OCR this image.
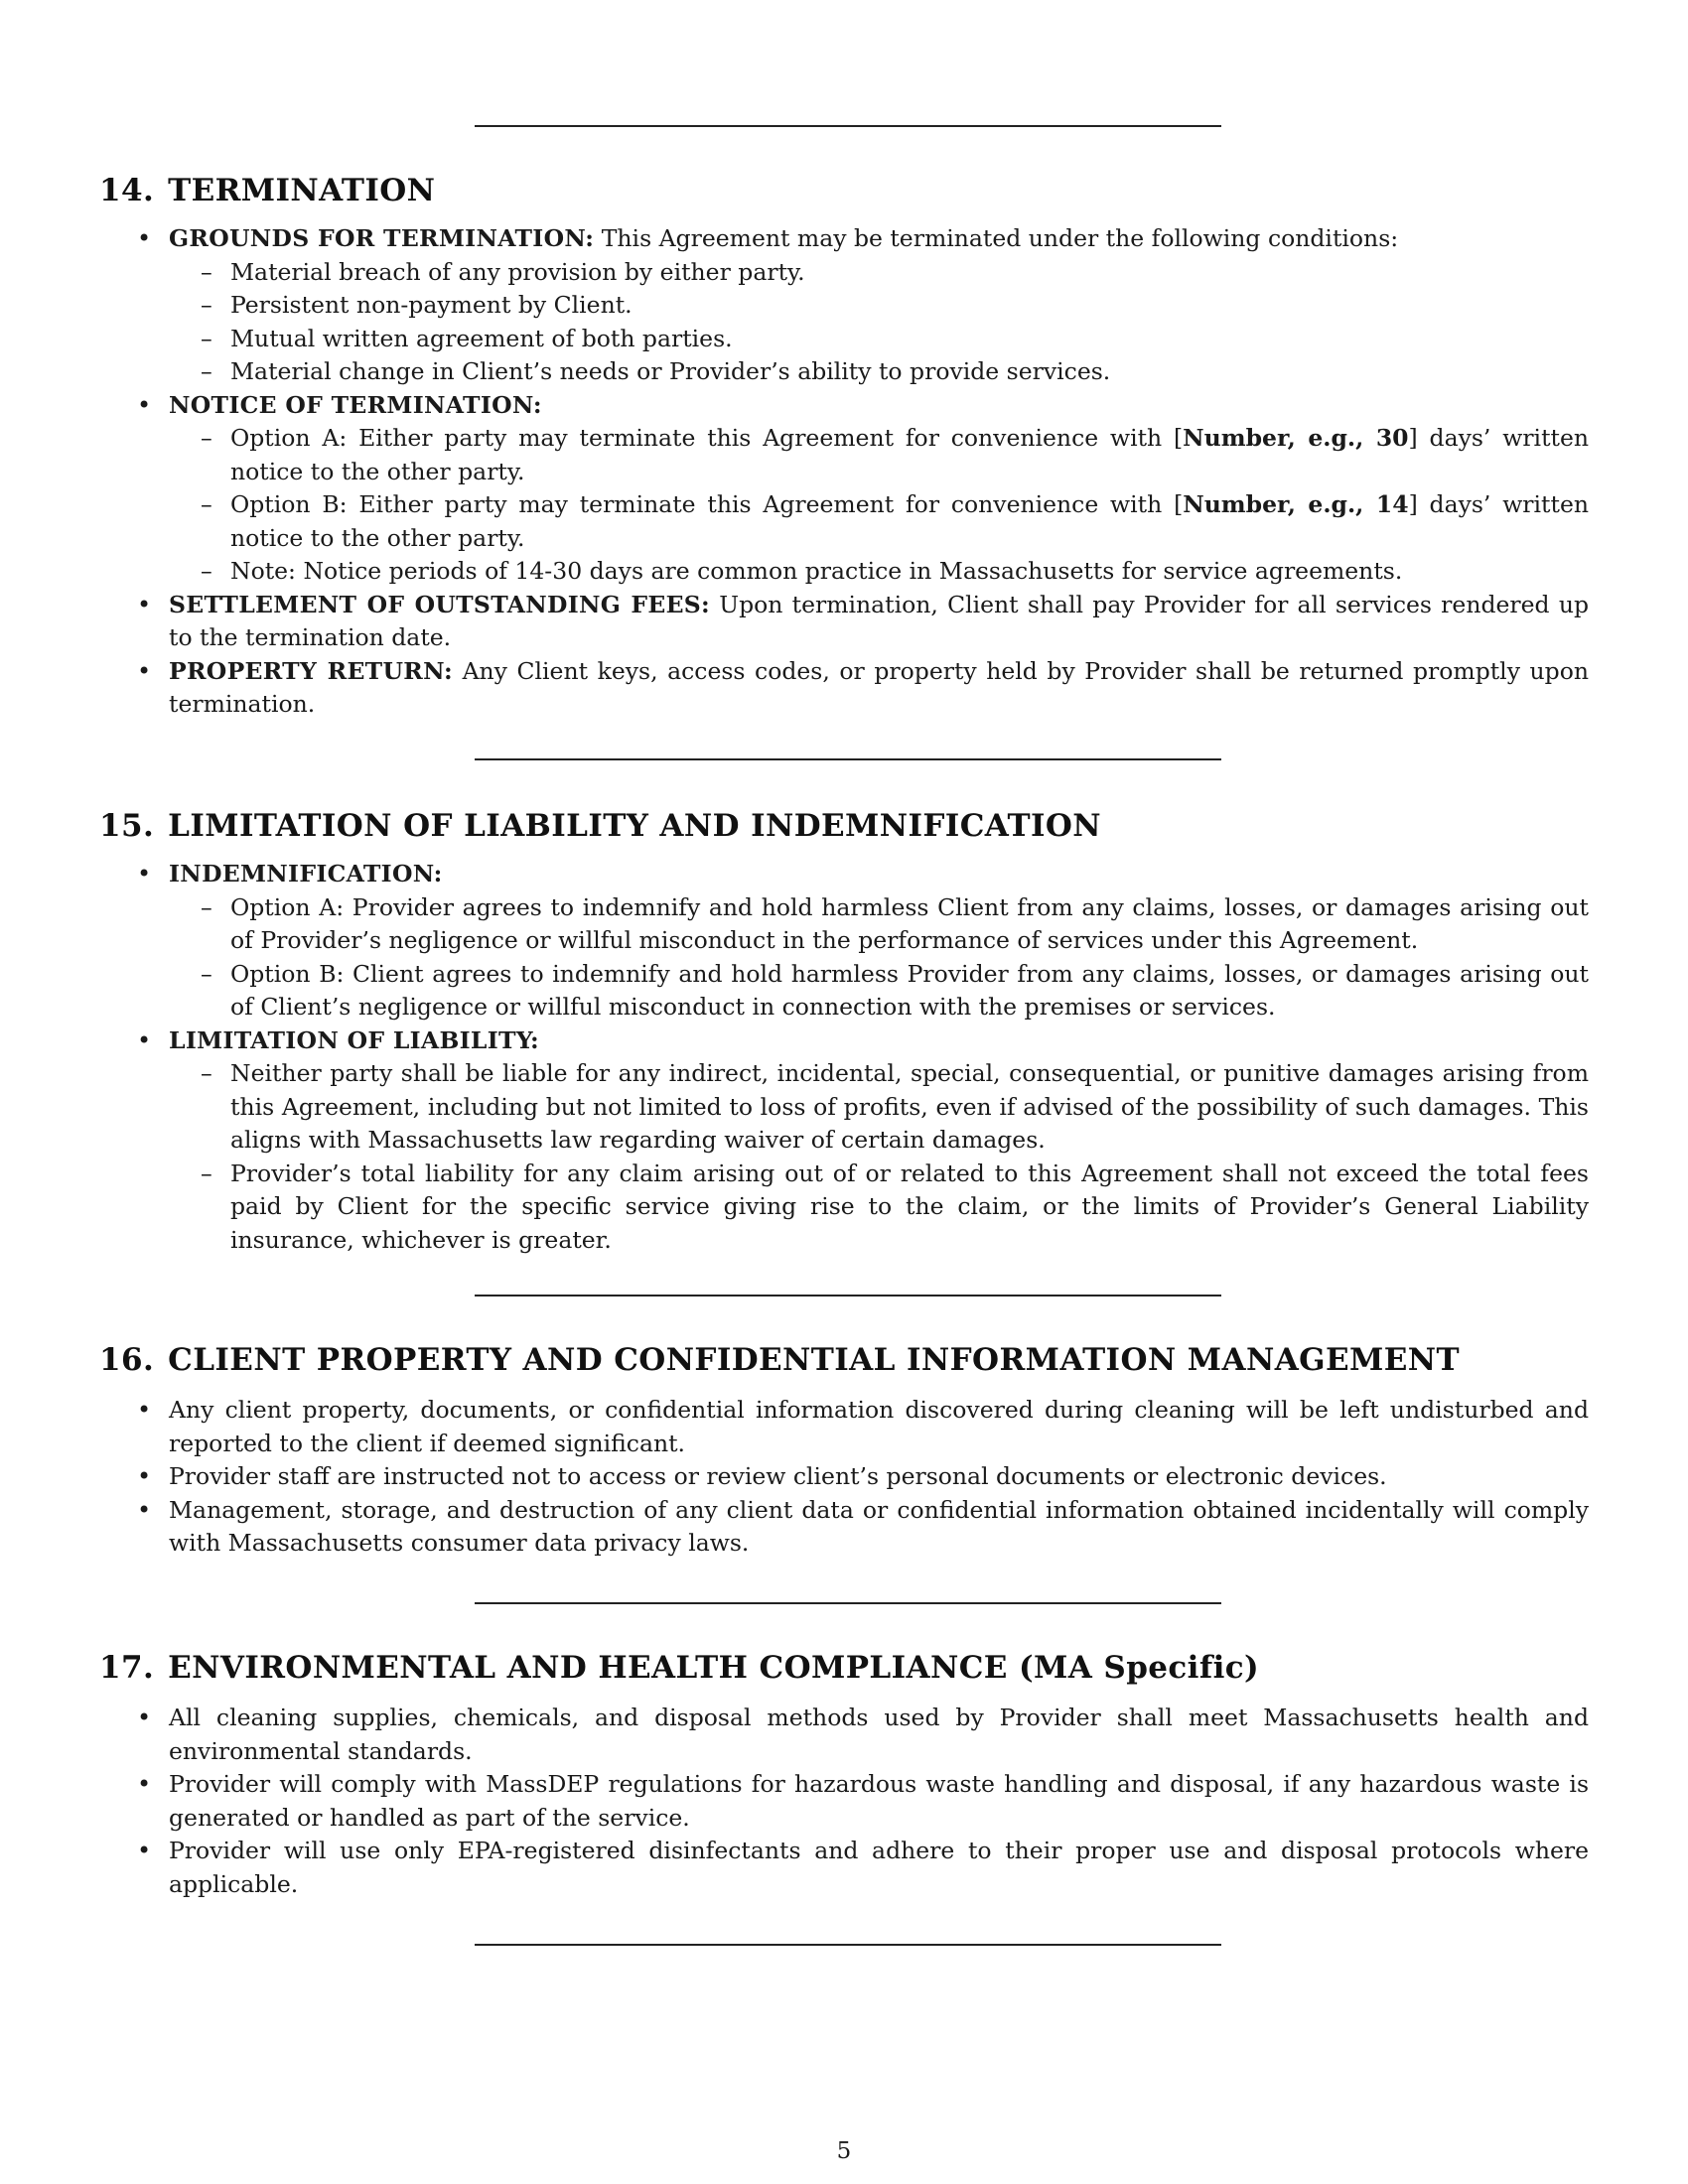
14. TERMINATION
• GROUNDS FOR TERMINATION: This Agreement may be terminated under the following conditions:
– Material breach of any provision by either party.
– Persistent non-payment by Client.
– Mutual written agreement of both parties.
– Material change in Client’s needs or Provider’s ability to provide services.
• NOTICE OF TERMINATION:
– Option A: Either party may terminate this Agreement for convenience with [Number, e.g., 30] days’ written notice to the other party.
– Option B: Either party may terminate this Agreement for convenience with [Number, e.g., 14] days’ written notice to the other party.
– Note: Notice periods of 14-30 days are common practice in Massachusetts for service agreements.
• SETTLEMENT OF OUTSTANDING FEES: Upon termination, Client shall pay Provider for all services rendered up to the termination date.
• PROPERTY RETURN: Any Client keys, access codes, or property held by Provider shall be returned promptly upon termination.
15. LIMITATION OF LIABILITY AND INDEMNIFICATION
• INDEMNIFICATION:
– Option A: Provider agrees to indemnify and hold harmless Client from any claims, losses, or damages arising out of Provider’s negligence or willful misconduct in the performance of services under this Agreement.
– Option B: Client agrees to indemnify and hold harmless Provider from any claims, losses, or damages arising out of Client’s negligence or willful misconduct in connection with the premises or services.
• LIMITATION OF LIABILITY:
– Neither party shall be liable for any indirect, incidental, special, consequential, or punitive damages arising from this Agreement, including but not limited to loss of profits, even if advised of the possibility of such damages. This aligns with Massachusetts law regarding waiver of certain damages.
– Provider’s total liability for any claim arising out of or related to this Agreement shall not exceed the total fees paid by Client for the specific service giving rise to the claim, or the limits of Provider’s General Liability insurance, whichever is greater.
16. CLIENT PROPERTY AND CONFIDENTIAL INFORMATION MANAGEMENT
• Any client property, documents, or confidential information discovered during cleaning will be left undisturbed and reported to the client if deemed significant.
• Provider staff are instructed not to access or review client’s personal documents or electronic devices.
• Management, storage, and destruction of any client data or confidential information obtained incidentally will comply with Massachusetts consumer data privacy laws.
17. ENVIRONMENTAL AND HEALTH COMPLIANCE (MA Specific)
• All cleaning supplies, chemicals, and disposal methods used by Provider shall meet Massachusetts health and environmental standards.
• Provider will comply with MassDEP regulations for hazardous waste handling and disposal, if any hazardous waste is generated or handled as part of the service.
• Provider will use only EPA-registered disinfectants and adhere to their proper use and disposal protocols where applicable.
5
